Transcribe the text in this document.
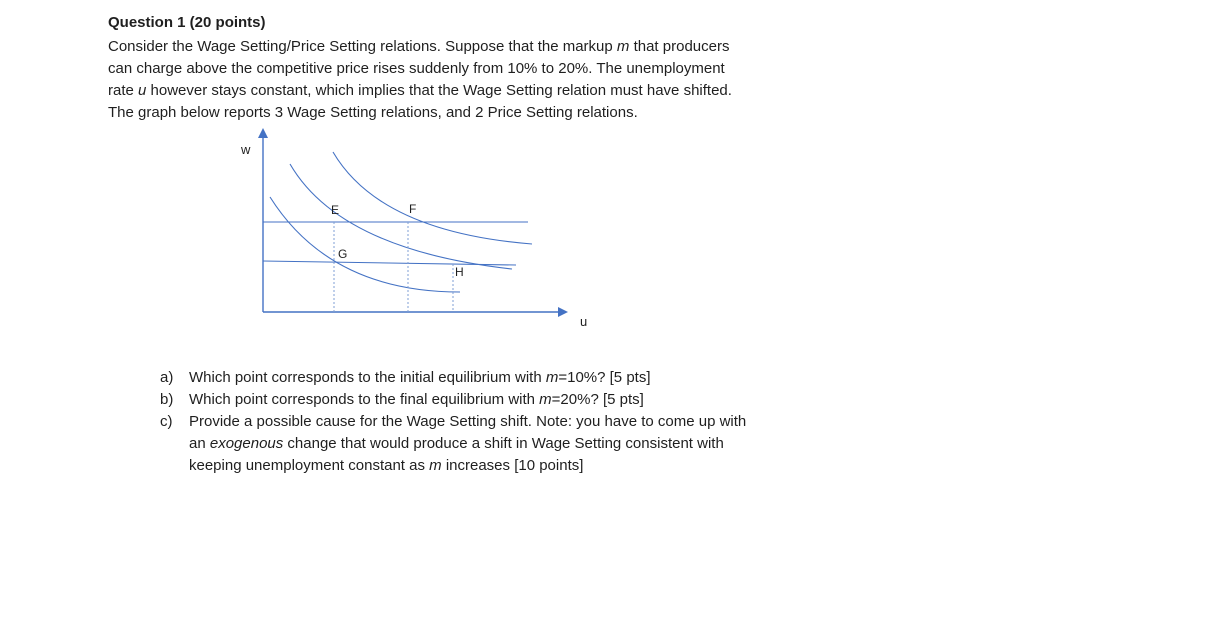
Question 1 (20 points)

Consider the Wage Setting/Price Setting relations. Suppose that the markup m that producers

can charge above the competitive price rises suddenly from 10% to 20%. The unemployment

rate u however stays constant, which implies that the Wage Setting relation must have shifted.

The graph below reports 3 Wage Setting relations, and 2 Price Setting relations.

w
u
E	F
G
H
a) Which point corresponds to the initial equilibrium with m=10%? [5 pts]
b) Which point corresponds to the final equilibrium with m=20%? [5 pts]
c) Provide a possible cause for the Wage Setting shift. Note: you have to come up with
an exogenous change that would produce a shift in Wage Setting consistent with
keeping unemployment constant as m increases [10 points]
